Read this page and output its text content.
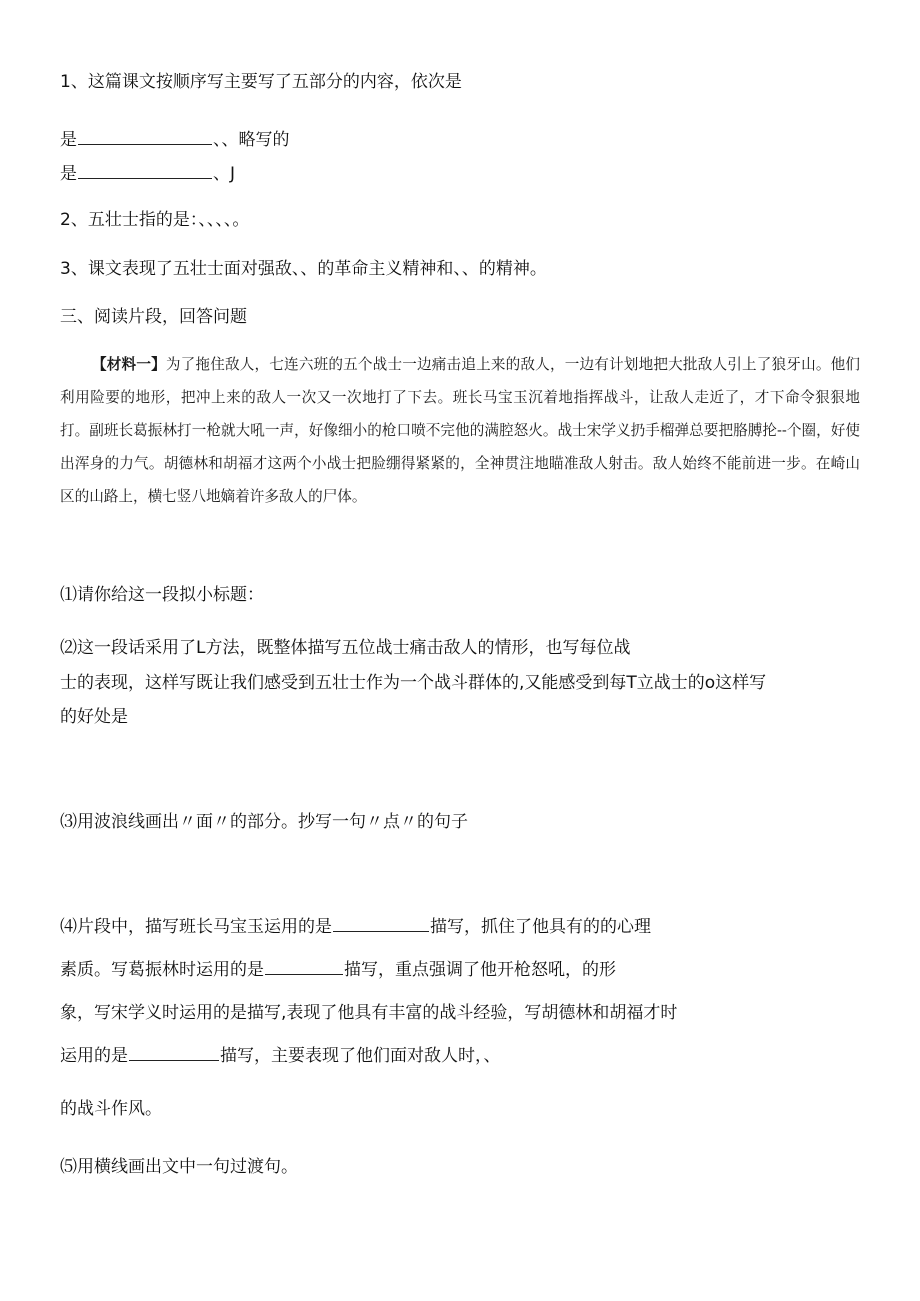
1、这篇课文按顺序写主要写了五部分的内容，依次是
是	、、略写的
是	、J
2、五壮士指的是：、、、、。
3、课文表现了五壮士面对强敌、、的革命主义精神和、、的精神。
三、阅读片段，回答问题
【材料一】为了拖住敌人，七连六班的五个战士一边痛击追上来的敌人，一边有计划地把大批敌人引上了狼牙山。他们利用险要的地形，把冲上来的敌人一次又一次地打了下去。班长马宝玉沉着地指挥战斗，让敌人走近了，才下命令狠狠地打。副班长葛振林打一枪就大吼一声，好像细小的枪口喷不完他的满腔怒火。战士宋学义扔手榴弹总要把胳膊抡--个圈，好使出浑身的力气。胡德林和胡福才这两个小战士把脸绷得紧紧的，全神贯注地瞄准敌人射击。敌人始终不能前进一步。在崎山区的山路上，横七竖八地嫡着许多敌人的尸体。
⑴请你给这一段拟小标题：
⑵这一段话采用了L方法，既整体描写五位战士痛击敌人的情形，也写每位战
士的表现，这样写既让我们感受到五壮士作为一个战斗群体的,又能感受到每T立战士的o这样写
的好处是
⑶用波浪线画出〃面〃的部分。抄写一句〃点〃的句子
⑷片段中，描写班长马宝玉运用的是	描写，抓住了他具有的的心理
素质。写葛振林时运用的是	描写，重点强调了他开枪怒吼，的形
象，写宋学义时运用的是描写,表现了他具有丰富的战斗经验，写胡德林和胡福才时
运用的是	描写，主要表现了他们面对敌人时，、
的战斗作风。
⑸用横线画出文中一句过渡句。
